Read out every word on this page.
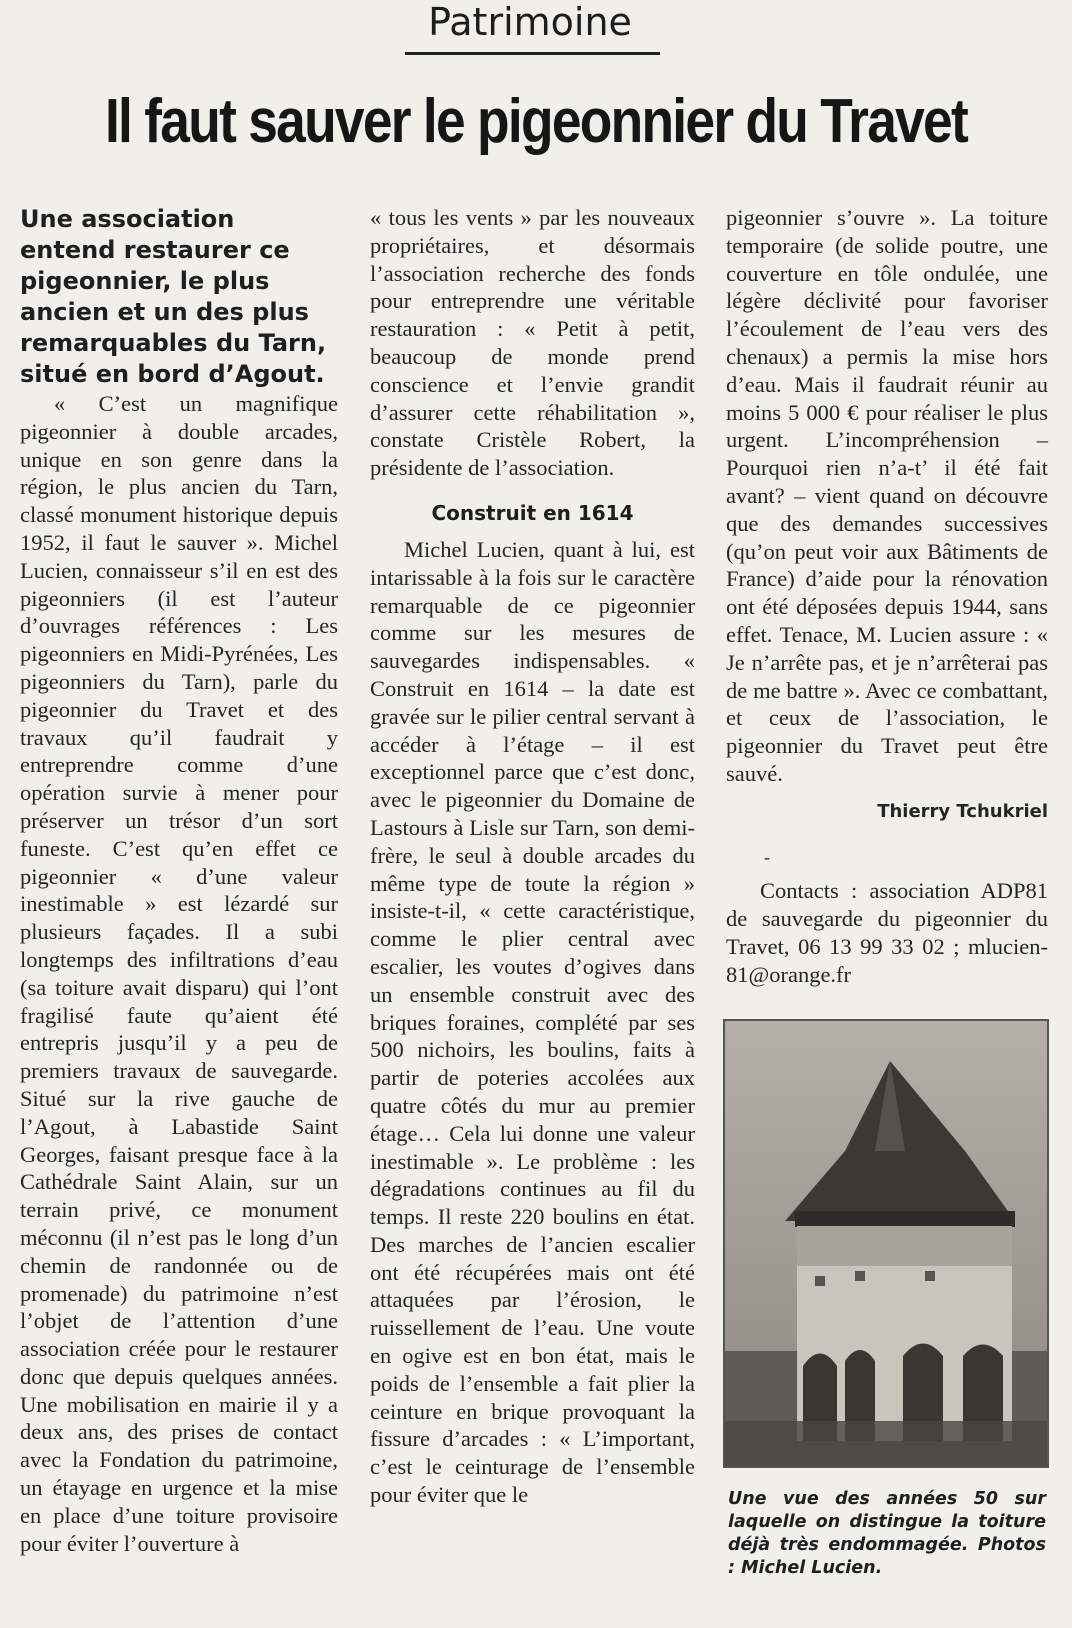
Patrimoine
Il faut sauver le pigeonnier du Travet

Une association entend restaurer ce pigeonnier, le plus ancien et un des plus remarquables du Tarn, situé en bord d’Agout.

« C’est un magnifique pigeonnier à double arcades, unique en son genre dans la région, le plus ancien du Tarn, classé monument historique depuis 1952, il faut le sauver ». Michel Lucien, connaisseur s’il en est des pigeonniers (il est l’auteur d’ouvrages références : Les pigeonniers en Midi-Pyrénées, Les pigeonniers du Tarn), parle du pigeonnier du Travet et des travaux qu’il faudrait y entreprendre comme d’une opération survie à mener pour préserver un trésor d’un sort funeste. C’est qu’en effet ce pigeonnier « d’une valeur inestimable » est lézardé sur plusieurs façades. Il a subi longtemps des infiltrations d’eau (sa toiture avait disparu) qui l’ont fragilisé faute qu’aient été entrepris jusqu’il y a peu de premiers travaux de sauvegarde. Situé sur la rive gauche de l’Agout, à Labastide Saint Georges, faisant presque face à la Cathédrale Saint Alain, sur un terrain privé, ce monument méconnu (il n’est pas le long d’un chemin de randonnée ou de promenade) du patrimoine n’est l’objet de l’attention d’une association créée pour le restaurer donc que depuis quelques années. Une mobilisation en mairie il y a deux ans, des prises de contact avec la Fondation du patrimoine, un étayage en urgence et la mise en place d’une toiture provisoire pour éviter l’ouverture à

« tous les vents » par les nouveaux propriétaires, et désormais l’association recherche des fonds pour entreprendre une véritable restauration : « Petit à petit, beaucoup de monde prend conscience et l’envie grandit d’assurer cette réhabilitation », constate Cristèle Robert, la présidente de l’association.

Construit en 1614

Michel Lucien, quant à lui, est intarissable à la fois sur le caractère remarquable de ce pigeonnier comme sur les mesures de sauvegardes indispensables. « Construit en 1614 – la date est gravée sur le pilier central servant à accéder à l’étage – il est exceptionnel parce que c’est donc, avec le pigeonnier du Domaine de Lastours à Lisle sur Tarn, son demi-frère, le seul à double arcades du même type de toute la région » insiste-t-il, « cette caractéristique, comme le plier central avec escalier, les voutes d’ogives dans un ensemble construit avec des briques foraines, complété par ses 500 nichoirs, les boulins, faits à partir de poteries accolées aux quatre côtés du mur au premier étage… Cela lui donne une valeur inestimable ». Le problème : les dégradations continues au fil du temps. Il reste 220 boulins en état. Des marches de l’ancien escalier ont été récupérées mais ont été attaquées par l’érosion, le ruissellement de l’eau. Une voute en ogive est en bon état, mais le poids de l’ensemble a fait plier la ceinture en brique provoquant la fissure d’arcades : « L’important, c’est le ceinturage de l’ensemble pour éviter que le

pigeonnier s’ouvre ». La toiture temporaire (de solide poutre, une couverture en tôle ondulée, une légère déclivité pour favoriser l’écoulement de l’eau vers des chenaux) a permis la mise hors d’eau. Mais il faudrait réunir au moins 5 000 € pour réaliser le plus urgent. L’incompréhension – Pourquoi rien n’a-t’ il été fait avant? – vient quand on découvre que des demandes successives (qu’on peut voir aux Bâtiments de France) d’aide pour la rénovation ont été déposées depuis 1944, sans effet. Tenace, M. Lucien assure : « Je n’arrête pas, et je n’arrêterai pas de me battre ». Avec ce combattant, et ceux de l’association, le pigeonnier du Travet peut être sauvé.

Thierry Tchukriel
-

Contacts : association ADP81 de sauvegarde du pigeonnier du Travet, 06 13 99 33 02 ; mlucien-81@orange.fr

Une vue des années 50 sur laquelle on distingue la toiture déjà très endommagée. Photos : Michel Lucien.
